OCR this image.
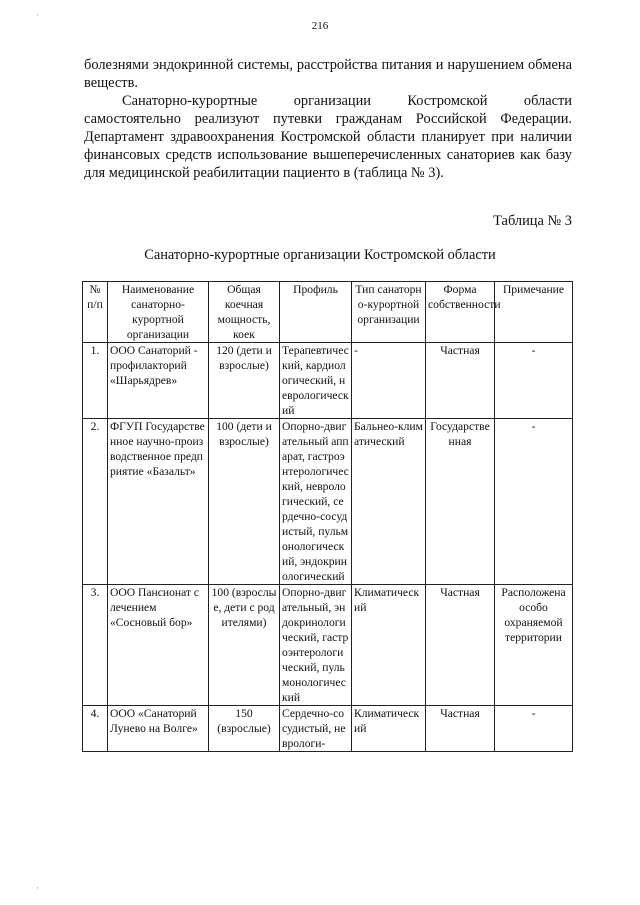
216

болезнями эндокринной системы, расстройства питания и нарушением обмена веществ.

Санаторно-курортные организации Костромской области самостоятельно реализуют путевки гражданам Российской Федерации. Департамент здравоохранения Костромской области планирует при наличии финансовых средств использование вышеперечисленных санаториев как базу для медицинской реабилитации пациенто в (таблица № 3).

Таблица № 3
Санаторно-курортные организации Костромской области
№ п/п	Наименование санаторно-курортной организации	Общая коечная мощность, коек	Профиль	Тип санаторно-курортной организации	Форма собственности	Примечание
1.	ООО Санаторий - профилакторий «Шарьядрев»	120 (дети и взрослые)	Терапевтический, кардиологический, неврологический	-	Частная	-
2.	ФГУП Государственное научно-производственное предприятие «Базальт»	100 (дети и взрослые)	Опорно-двигательный аппарат, гастроэнтерологический, неврологический, сердечно-сосудистый, пульмонологический, эндокринологический	Бальнео-климатический	Государственная	-
3.	ООО Пансионат с лечением «Сосновый бор»	100 (взрослые, дети с родителями)	Опорно-двигательный, эндокринологический, гастроэнтерологический, пульмонологический	Климатический	Частная	Расположена особо охраняемой территории
4.	ООО «Санаторий Лунево на Волге»	150 (взрослые)	Сердечно-сосудистый, неврологи-	Климатический	Частная	-
·
·
